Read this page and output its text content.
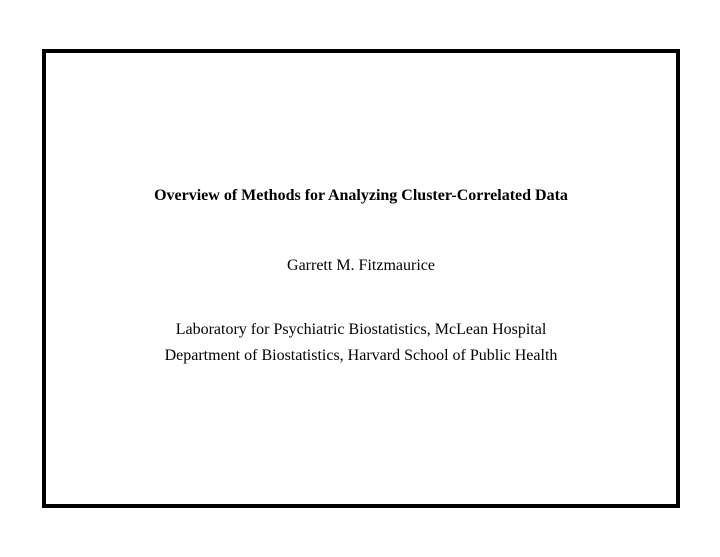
Overview of Methods for Analyzing Cluster-Correlated Data
Garrett M. Fitzmaurice
Laboratory for Psychiatric Biostatistics, McLean Hospital
Department of Biostatistics, Harvard School of Public Health
